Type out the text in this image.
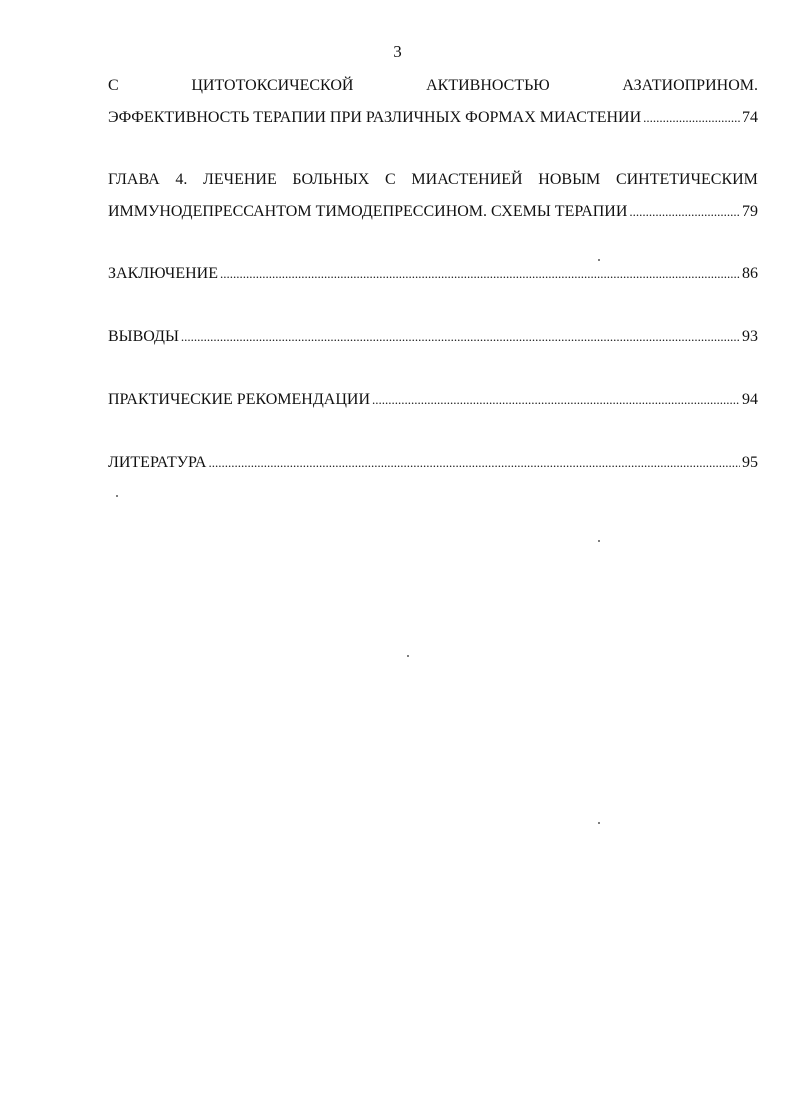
3
С	ЦИТОТОКСИЧЕСКОЙ	АКТИВНОСТЬЮ	АЗАТИОПРИНОМ.
ЭФФЕКТИВНОСТЬ ТЕРАПИИ ПРИ РАЗЛИЧНЫХ ФОРМАХ МИАСТЕНИИ .....	74
ГЛАВА 4. ЛЕЧЕНИЕ БОЛЬНЫХ С МИАСТЕНИЕЙ НОВЫМ СИНТЕТИЧЕСКИМ
ИММУНОДЕПРЕССАНТОМ ТИМОДЕПРЕССИНОМ. СХЕМЫ ТЕРАПИИ .....	79
ЗАКЛЮЧЕНИЕ .....	86
ВЫВОДЫ .....	93
ПРАКТИЧЕСКИЕ РЕКОМЕНДАЦИИ .....	94
ЛИТЕРАТУРА .....	95
